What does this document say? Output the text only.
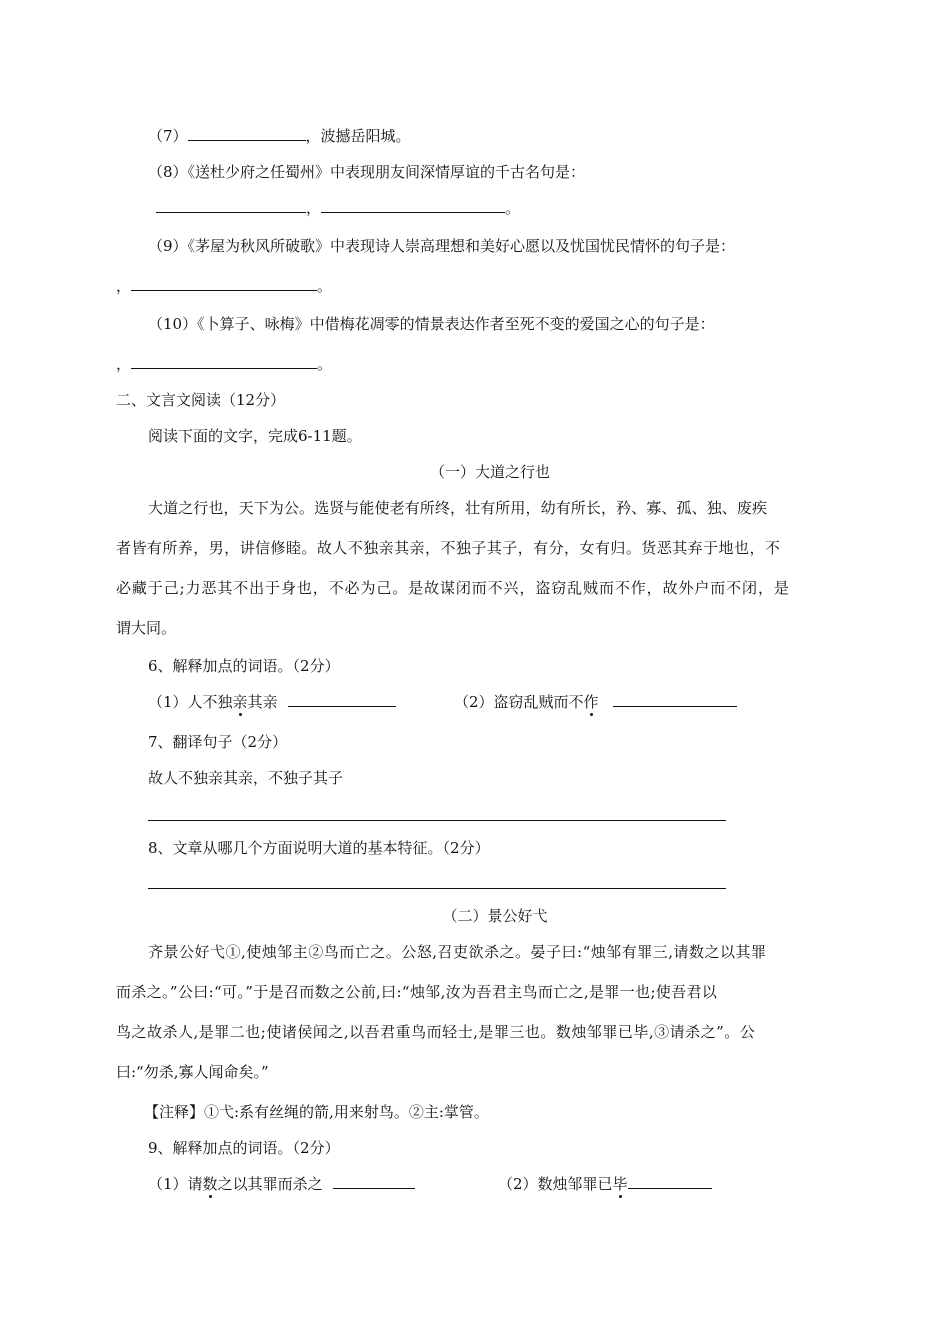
（7）	，波撼岳阳城。
（8）《送杜少府之任蜀州》中表现朋友间深情厚谊的千古名句是：
，	。
（9）《茅屋为秋风所破歌》中表现诗人崇高理想和美好心愿以及忧国忧民情怀的句子是：
，	。
（10）《卜算子、咏梅》中借梅花凋零的情景表达作者至死不变的爱国之心的句子是：
，	。
二、文言文阅读（12分）
阅读下面的文字，完成6-11题。
（一）大道之行也
大道之行也，天下为公。选贤与能使老有所终，壮有所用，幼有所长，矜、寡、孤、独、废疾
者皆有所养，男，讲信修睦。故人不独亲其亲，不独子其子，有分，女有归。货恶其弃于地也，不
必藏于己;力恶其不出于身也，不必为己。是故谋闭而不兴，盗窃乱贼而不作，故外户而不闭，是
谓大同。
6、解释加点的词语。（2分）
（1）人不独亲其亲	（2）盗窃乱贼而不作
7、翻译句子（2分）
故人不独亲其亲，不独子其子
8、文章从哪几个方面说明大道的基本特征。（2分）
（二）景公好弋
齐景公好弋①,使烛邹主②鸟而亡之。公怒,召吏欲杀之。晏子曰:“烛邹有罪三,请数之以其罪
而杀之。”公曰:“可。”于是召而数之公前,曰:“烛邹,汝为吾君主鸟而亡之,是罪一也;使吾君以
鸟之故杀人,是罪二也;使诸侯闻之,以吾君重鸟而轻士,是罪三也。数烛邹罪已毕,③请杀之”。公
曰:“勿杀,寡人闻命矣。”
【注释】①弋:系有丝绳的箭,用来射鸟。②主:掌管。
9、解释加点的词语。（2分）
（1）请数之以其罪而杀之	（2）数烛邹罪已毕
